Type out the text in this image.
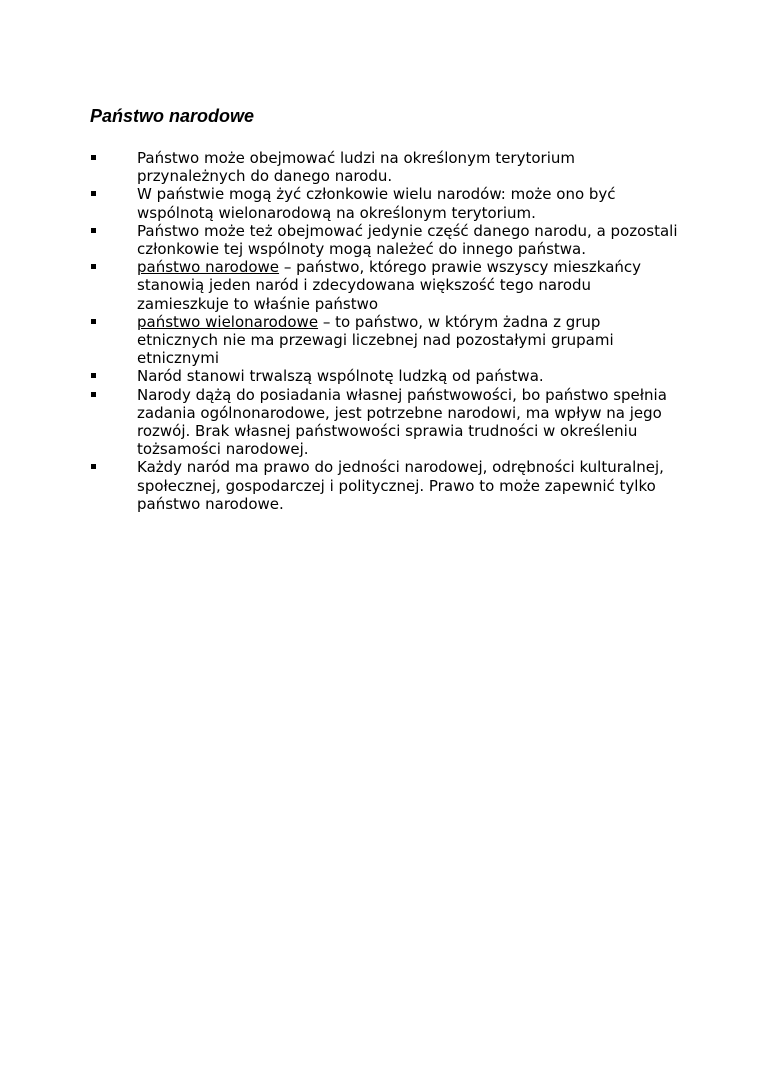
Państwo narodowe
Państwo może obejmować ludzi na określonym terytorium przynależnych do danego narodu.
W państwie mogą żyć członkowie wielu narodów: może ono być wspólnotą wielonarodową na określonym terytorium.
Państwo może też obejmować jedynie część danego narodu, a pozostali członkowie tej wspólnoty mogą należeć do innego państwa.
państwo narodowe – państwo, którego prawie wszyscy mieszkańcy stanowią jeden naród i zdecydowana większość tego narodu zamieszkuje to właśnie państwo
państwo wielonarodowe – to państwo, w którym żadna z grup etnicznych nie ma przewagi liczebnej nad pozostałymi grupami etnicznymi
Naród stanowi trwalszą wspólnotę ludzką od państwa.
Narody dążą do posiadania własnej państwowości, bo państwo spełnia zadania ogólnonarodowe, jest potrzebne narodowi, ma wpływ na jego rozwój. Brak własnej państwowości sprawia trudności w określeniu tożsamości narodowej.
Każdy naród ma prawo do jedności narodowej, odrębności kulturalnej, społecznej, gospodarczej i politycznej. Prawo to może zapewnić tylko państwo narodowe.
